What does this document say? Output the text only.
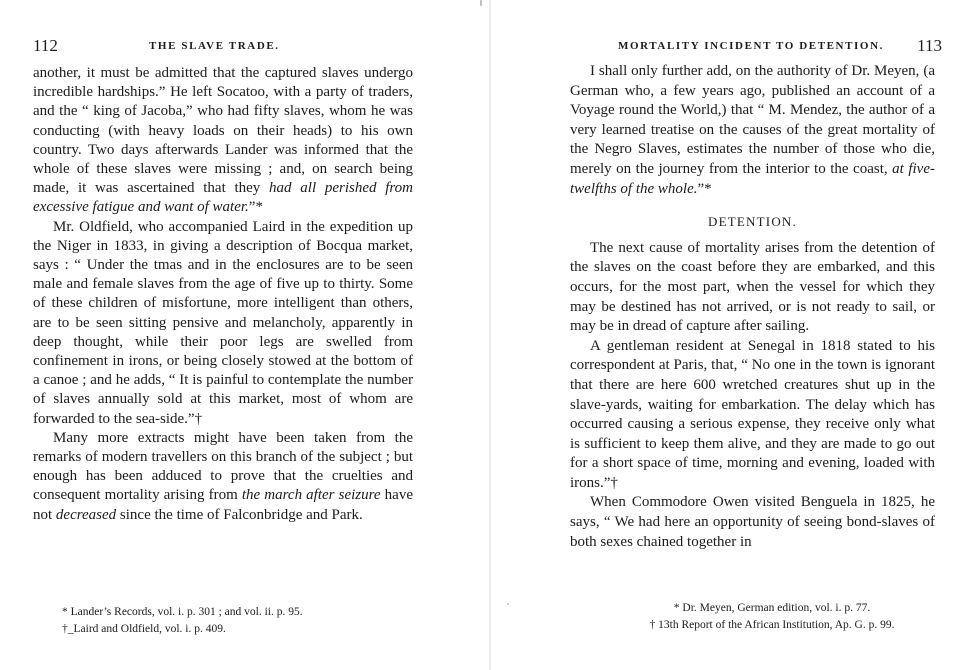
112	THE SLAVE TRADE.

another, it must be admitted that the captured slaves undergo incredible hardships.” He left Socatoo, with a party of traders, and the “ king of Jacoba,” who had fifty slaves, whom he was conducting (with heavy loads on their heads) to his own country. Two days afterwards Lander was informed that the whole of these slaves were missing ; and, on search being made, it was ascertained that they had all perished from excessive fatigue and want of water.”*

Mr. Oldfield, who accompanied Laird in the expedition up the Niger in 1833, in giving a description of Bocqua market, says : “ Under the tmas and in the enclosures are to be seen male and female slaves from the age of five up to thirty. Some of these children of misfortune, more intelligent than others, are to be seen sitting pensive and melancholy, apparently in deep thought, while their poor legs are swelled from confinement in irons, or being closely stowed at the bottom of a canoe ; and he adds, “ It is painful to contemplate the number of slaves annually sold at this market, most of whom are forwarded to the sea-side.”†

Many more extracts might have been taken from the remarks of modern travellers on this branch of the subject ; but enough has been adduced to prove that the cruelties and consequent mortality arising from the march after seizure have not decreased since the time of Falconbridge and Park.

* Lander’s Records, vol. i. p. 301 ; and vol. ii. p. 95.

†_Laird and Oldfield, vol. i. p. 409.

MORTALITY INCIDENT TO DETENTION. 113

I shall only further add, on the authority of Dr. Meyen, (a German who, a few years ago, published an account of a Voyage round the World,) that “ M. Mendez, the author of a very learned treatise on the causes of the great mortality of the Negro Slaves, estimates the number of those who die, merely on the journey from the interior to the coast, at five-twelfths of the whole.”*

DETENTION.

The next cause of mortality arises from the detention of the slaves on the coast before they are embarked, and this occurs, for the most part, when the vessel for which they may be destined has not arrived, or is not ready to sail, or may be in dread of capture after sailing.

A gentleman resident at Senegal in 1818 stated to his correspondent at Paris, that, “ No one in the town is ignorant that there are here 600 wretched creatures shut up in the slave-yards, waiting for embarkation. The delay which has occurred causing a serious expense, they receive only what is sufficient to keep them alive, and they are made to go out for a short space of time, morning and evening, loaded with irons.”†

When Commodore Owen visited Benguela in 1825, he says, “ We had here an opportunity of seeing bond-slaves of both sexes chained together in

* Dr. Meyen, German edition, vol. i. p. 77.

† 13th Report of the African Institution, Ap. G. p. 99.
